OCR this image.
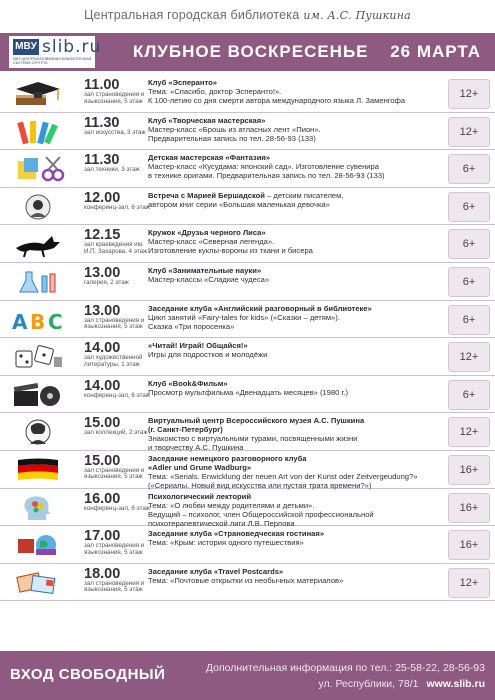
Центральная городская библиотека им. А.С. Пушкина
MBУ slib.ru
МБУ ЦЕНТРАЛИЗОВАННАЯ БИБЛИОТЕЧНАЯ СИСТЕМА СУРГУТА
КЛУБНОЕ ВОСКРЕСЕНЬЕ 26 МАРТА
11.00
зал страноведения и языкознания, 5 этаж
Клуб «Эсперанто»
Тема: «Спасибо, доктор Эсперанто!».
К 100-летию со дня смерти автора международного языка Л. Заменгофа
12+
11.30
зал искусства, 3 этаж
Клуб «Творческая мастерская»
Мастер-класс «Брошь из атласных лент «Пион».
Предварительная запись по тел. 28-56-93 (133)
12+
11.30
зал техники, 3 этаж
Детская мастерская «Фантазия»
Мастер-класс «Кусудама: японский сад». Изготовление сувенира
в технике оригами. Предварительная запись по тел. 28-56-93 (133)
6+
12.00
конференц-зал, 6 этаж
Встреча с Марией Бершадской – детским писателем,
автором книг серии «Большая маленькая девочка»	6+
12.15
зал краеведения им. И.П. Захарова, 4 этаж
Кружок «Друзья черного Лиса»
Мастер-класс «Северная легенда».
Изготовление куклы-вороны из ткани и бисера
6+
13.00
галерея, 2 этаж
Клуб «Занимательные науки»
Мастер-классы «Сладкие чудеса»	6+
A B C 13.00
зал страноведения и языкознания, 5 этаж
Заседание клуба «Английский разговорный в библиотеке»
Цикл занятий «Fairy-tales for kids» («Сказки – детям»).
Сказка «Три поросенка»
6+
14.00
зал художественной литературы, 1 этаж
«Читай! Играй! Общайся!»
Игры для подростков и молодёжи	12+
14.00
конференц-зал, 6 этаж
Клуб «Book&Фильм»
Просмотр мультфильма «Двенадцать месяцев» (1980 г.)	6+
15.00
зал коллекций, 2 этаж
Виртуальный центр Всероссийского музея А.С. Пушкина
(г. Санкт-Петербург)
Знакомство с виртуальными турами, посвященными жизни
и творчеству А.С. Пушкина
12+
15.00
зал страноведения и языкознания, 5 этаж
Заседание немецкого разговорного клуба
«Adler und Grune Wadburg»
Тема: «Serials. Enwicklung der neuen Art von der Kunst oder Zeitvergeudung?»
(«Сериалы. Новый вид искусства или пустая трата времени?»)
16+
16.00
конференц-зал, 6 этаж
Психологический лекторий
Тема: «О любви между родителями и детьми».
Ведущий – психолог, член Общероссийской профессиональной
психотерапевтической лиги Л.В. Перлова
16+
17.00
зал страноведения и языкознания, 5 этаж
Заседание клуба «Страноведческая гостиная»
Тема: «Крым: история одного путешествия»	16+
18.00
зал страноведения и языкознания, 5 этаж
Заседание клуба «Travel Postcards»
Тема: «Почтовые открытки из необычных материалов»	12+
ВХОД СВОБОДНЫЙ	Дополнительная информация по тел.: 25-58-22, 28-56-93
ул. Республики, 78/1 www.slib.ru
